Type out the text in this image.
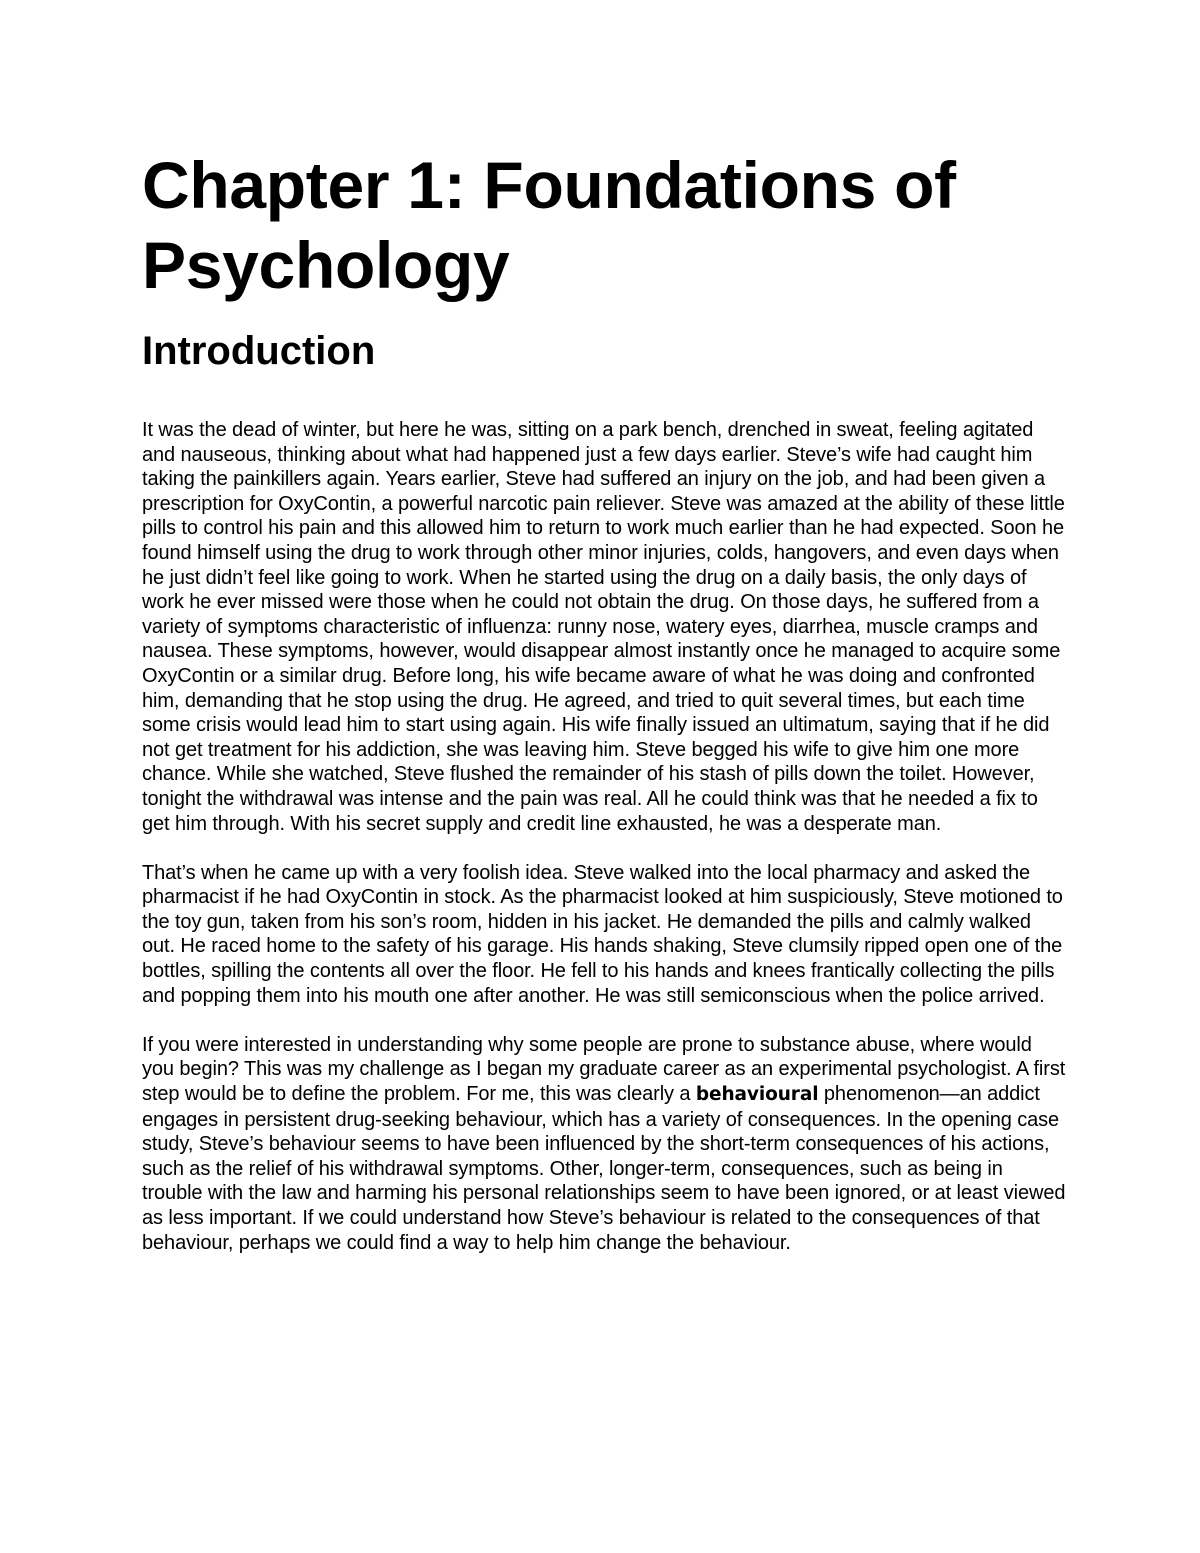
Chapter 1: Foundations of Psychology
Introduction

It was the dead of winter, but here he was, sitting on a park bench, drenched in sweat, feeling agitated and nauseous, thinking about what had happened just a few days earlier. Steve’s wife had caught him taking the painkillers again. Years earlier, Steve had suffered an injury on the job, and had been given a prescription for OxyContin, a powerful narcotic pain reliever. Steve was amazed at the ability of these little pills to control his pain and this allowed him to return to work much earlier than he had expected. Soon he found himself using the drug to work through other minor injuries, colds, hangovers, and even days when he just didn’t feel like going to work. When he started using the drug on a daily basis, the only days of work he ever missed were those when he could not obtain the drug. On those days, he suffered from a variety of symptoms characteristic of influenza: runny nose, watery eyes, diarrhea, muscle cramps and nausea. These symptoms, however, would disappear almost instantly once he managed to acquire some OxyContin or a similar drug. Before long, his wife became aware of what he was doing and confronted him, demanding that he stop using the drug. He agreed, and tried to quit several times, but each time some crisis would lead him to start using again. His wife finally issued an ultimatum, saying that if he did not get treatment for his addiction, she was leaving him. Steve begged his wife to give him one more chance. While she watched, Steve flushed the remainder of his stash of pills down the toilet. However, tonight the withdrawal was intense and the pain was real. All he could think was that he needed a fix to get him through. With his secret supply and credit line exhausted, he was a desperate man.

That’s when he came up with a very foolish idea. Steve walked into the local pharmacy and asked the pharmacist if he had OxyContin in stock. As the pharmacist looked at him suspiciously, Steve motioned to the toy gun, taken from his son’s room, hidden in his jacket. He demanded the pills and calmly walked out. He raced home to the safety of his garage. His hands shaking, Steve clumsily ripped open one of the bottles, spilling the contents all over the floor. He fell to his hands and knees frantically collecting the pills and popping them into his mouth one after another. He was still semiconscious when the police arrived.

If you were interested in understanding why some people are prone to substance abuse, where would you begin? This was my challenge as I began my graduate career as an experimental psychologist. A first step would be to define the problem. For me, this was clearly a behavioural phenomenon—an addict engages in persistent drug-seeking behaviour, which has a variety of consequences. In the opening case study, Steve’s behaviour seems to have been influenced by the short-term consequences of his actions, such as the relief of his withdrawal symptoms. Other, longer-term, consequences, such as being in trouble with the law and harming his personal relationships seem to have been ignored, or at least viewed as less important. If we could understand how Steve’s behaviour is related to the consequences of that behaviour, perhaps we could find a way to help him change the behaviour.
